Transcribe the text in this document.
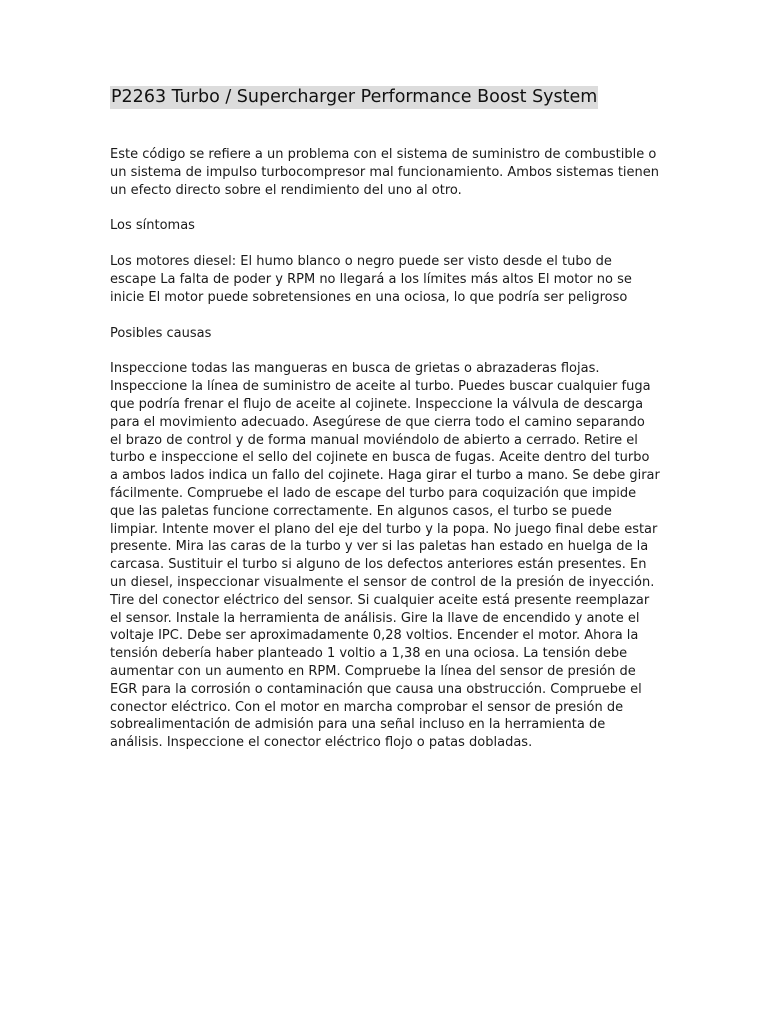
P2263 Turbo / Supercharger Performance Boost System

Este código se refiere a un problema con el sistema de suministro de combustible o un sistema de impulso turbocompresor mal funcionamiento. Ambos sistemas tienen un efecto directo sobre el rendimiento del uno al otro.

Los síntomas

Los motores diesel: El humo blanco o negro puede ser visto desde el tubo de escape La falta de poder y RPM no llegará a los límites más altos El motor no se inicie El motor puede sobretensiones en una ociosa, lo que podría ser peligroso

Posibles causas

Inspeccione todas las mangueras en busca de grietas o abrazaderas flojas. Inspeccione la línea de suministro de aceite al turbo. Puedes buscar cualquier fuga que podría frenar el flujo de aceite al cojinete. Inspeccione la válvula de descarga para el movimiento adecuado. Asegúrese de que cierra todo el camino separando el brazo de control y de forma manual moviéndolo de abierto a cerrado. Retire el turbo e inspeccione el sello del cojinete en busca de fugas. Aceite dentro del turbo a ambos lados indica un fallo del cojinete. Haga girar el turbo a mano. Se debe girar fácilmente. Compruebe el lado de escape del turbo para coquización que impide que las paletas funcione correctamente. En algunos casos, el turbo se puede limpiar. Intente mover el plano del eje del turbo y la popa. No juego final debe estar presente. Mira las caras de la turbo y ver si las paletas han estado en huelga de la carcasa. Sustituir el turbo si alguno de los defectos anteriores están presentes. En un diesel, inspeccionar visualmente el sensor de control de la presión de inyección. Tire del conector eléctrico del sensor. Si cualquier aceite está presente reemplazar el sensor. Instale la herramienta de análisis. Gire la llave de encendido y anote el voltaje IPC. Debe ser aproximadamente 0,28 voltios. Encender el motor. Ahora la tensión debería haber planteado 1 voltio a 1,38 en una ociosa. La tensión debe aumentar con un aumento en RPM. Compruebe la línea del sensor de presión de EGR para la corrosión o contaminación que causa una obstrucción. Compruebe el conector eléctrico. Con el motor en marcha comprobar el sensor de presión de sobrealimentación de admisión para una señal incluso en la herramienta de análisis. Inspeccione el conector eléctrico flojo o patas dobladas.
